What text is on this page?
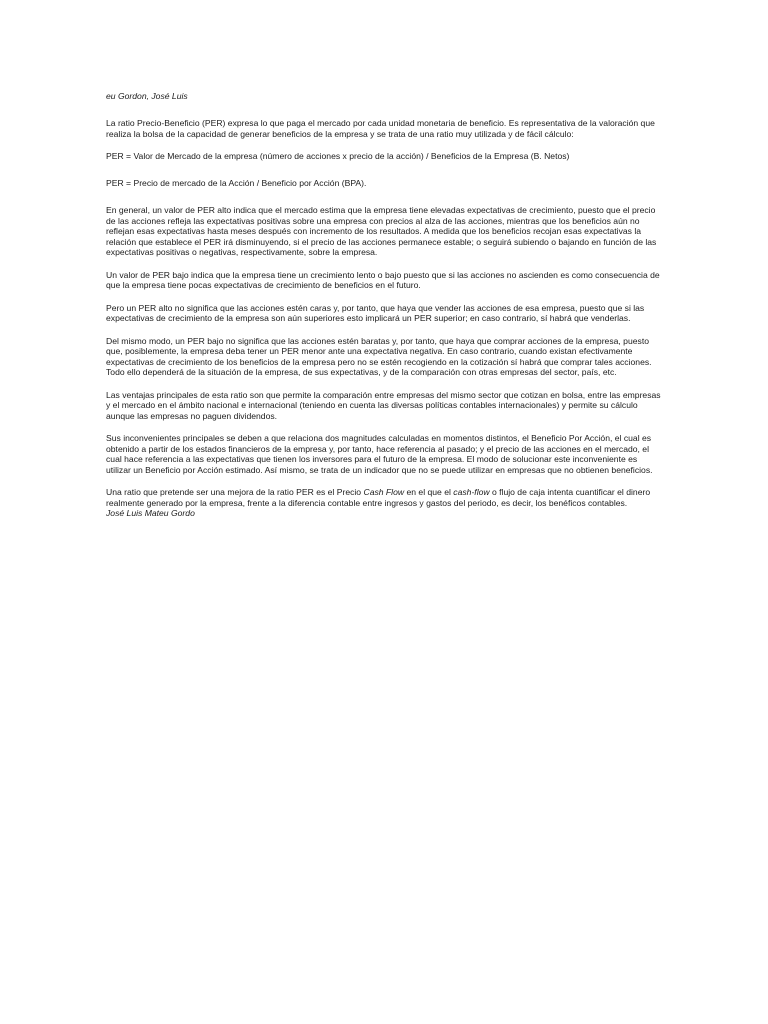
eu Gordon, José Luis

La ratio Precio-Beneficio (PER) expresa lo que paga el mercado por cada unidad monetaria de beneficio. Es representativa de la valoración que realiza la bolsa de la capacidad de generar beneficios de la empresa y se trata de una ratio muy utilizada y de fácil cálculo:

PER = Valor de Mercado de la empresa (número de acciones x precio de la acción) / Beneficios de la Empresa (B. Netos)

PER = Precio de mercado de la Acción / Beneficio por Acción (BPA).

En general, un valor de PER alto indica que el mercado estima que la empresa tiene elevadas expectativas de crecimiento, puesto que el precio de las acciones refleja las expectativas positivas sobre una empresa con precios al alza de las acciones, mientras que los beneficios aún no reflejan esas expectativas hasta meses después con incremento de los resultados. A medida que los beneficios recojan esas expectativas la relación que establece el PER irá disminuyendo, si el precio de las acciones permanece estable; o seguirá subiendo o bajando en función de las expectativas positivas o negativas, respectivamente, sobre la empresa.

Un valor de PER bajo indica que la empresa tiene un crecimiento lento o bajo puesto que si las acciones no ascienden es como consecuencia de que la empresa tiene pocas expectativas de crecimiento de beneficios en el futuro.

Pero un PER alto no significa que las acciones estén caras y, por tanto, que haya que vender las acciones de esa empresa, puesto que si las expectativas de crecimiento de la empresa son aún superiores esto implicará un PER superior; en caso contrario, sí habrá que venderlas.

Del mismo modo, un PER bajo no significa que las acciones estén baratas y, por tanto, que haya que comprar acciones de la empresa, puesto que, posiblemente, la empresa deba tener un PER menor ante una expectativa negativa. En caso contrario, cuando existan efectivamente expectativas de crecimiento de los beneficios de la empresa pero no se estén recogiendo en la cotización sí habrá que comprar tales acciones. Todo ello dependerá de la situación de la empresa, de sus expectativas, y de la comparación con otras empresas del sector, país, etc.

Las ventajas principales de esta ratio son que permite la comparación entre empresas del mismo sector que cotizan en bolsa, entre las empresas y el mercado en el ámbito nacional e internacional (teniendo en cuenta las diversas políticas contables internacionales) y permite su cálculo aunque las empresas no paguen dividendos.

Sus inconvenientes principales se deben a que relaciona dos magnitudes calculadas en momentos distintos, el Beneficio Por Acción, el cual es obtenido a partir de los estados financieros de la empresa y, por tanto, hace referencia al pasado; y el precio de las acciones en el mercado, el cual hace referencia a las expectativas que tienen los inversores para el futuro de la empresa. El modo de solucionar este inconveniente es utilizar un Beneficio por Acción estimado. Así mismo, se trata de un indicador que no se puede utilizar en empresas que no obtienen beneficios.

Una ratio que pretende ser una mejora de la ratio PER es el Precio Cash Flow en el que el cash-flow o flujo de caja intenta cuantificar el dinero realmente generado por la empresa, frente a la diferencia contable entre ingresos y gastos del periodo, es decir, los benéficos contables.

José Luis Mateu Gordo
